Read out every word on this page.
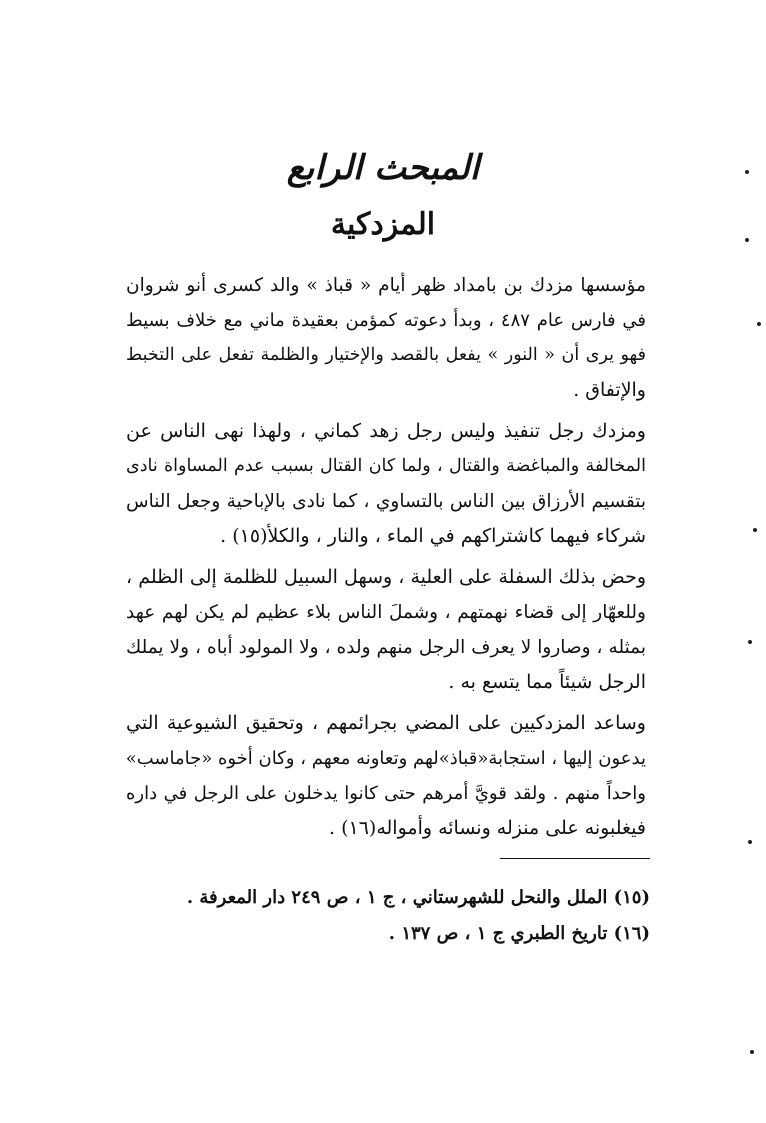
المبحث الرابع
المزدكية

مؤسسها مزدك بن بامداد ظهر أيام « قباذ » والد كسرى أنو شروان
في فارس عام ٤٨٧ ، وبدأ دعوته كمؤمن بعقيدة ماني مع خلاف بسيط
فهو يرى أن « النور » يفعل بالقصد والإختيار والظلمة تفعل على التخبط
والإتفاق .

ومزدك رجل تنفيذ وليس رجل زهد كماني ، ولهذا نهى الناس عن
المخالفة والمباغضة والقتال ، ولما كان القتال بسبب عدم المساواة نادى
بتقسيم الأرزاق بين الناس بالتساوي ، كما نادى بالإباحية وجعل الناس
شركاء فيهما كاشتراكهم في الماء ، والنار ، والكلأ(١٥) .

وحض بذلك السفلة على العلية ، وسهل السبيل للظلمة إلى الظلم ،
وللعهّار إلى قضاء نهمتهم ، وشملَ الناس بلاء عظيم لم يكن لهم عهد
بمثله ، وصاروا لا يعرف الرجل منهم ولده ، ولا المولود أباه ، ولا يملك
الرجل شيئاً مما يتسع به .

وساعد المزدكيين على المضي بجرائمهم ، وتحقيق الشيوعية التي
يدعون إليها ، استجابة«قباذ»لهم وتعاونه معهم ، وكان أخوه «جاماسب»
واحداً منهم . ولقد قويَّ أمرهم حتى كانوا يدخلون على الرجل في داره
فيغلبونه على منزله ونسائه وأمواله(١٦) .

(١٥) الملل والنحل للشهرستاني ، ج ١ ، ص ٢٤٩ دار المعرفة .
(١٦) تاريخ الطبري ج ١ ، ص ١٣٧ .
